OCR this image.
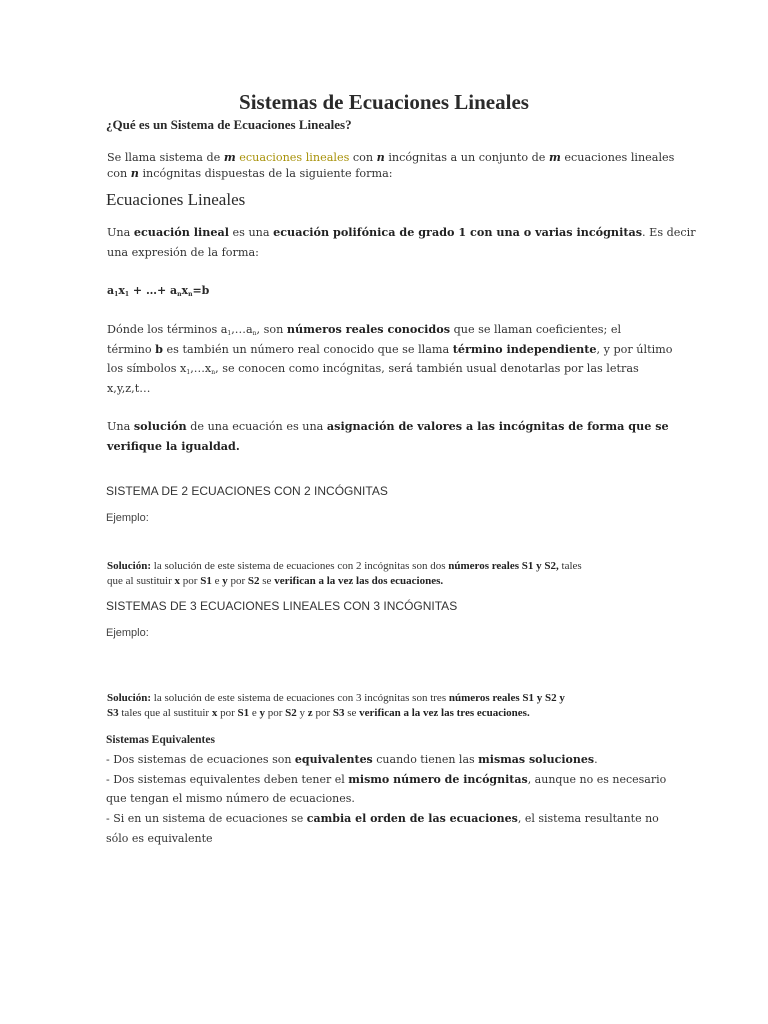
Sistemas de Ecuaciones Lineales
¿Qué es un Sistema de Ecuaciones Lineales?
Se llama sistema de m ecuaciones lineales con n incógnitas a un conjunto de m ecuaciones lineales
con n incógnitas dispuestas de la siguiente forma:
Ecuaciones Lineales
Una ecuación lineal es una ecuación polifónica de grado 1 con una o varias incógnitas. Es decir
una expresión de la forma:
$a_1x_1$ + …+ $a_nx_n=b$
Dónde los términos $a_1,\dots a_n$, son números reales conocidos que se llaman coeficientes; el
término b es también un número real conocido que se llama término independiente, y por último
los símbolos $x_1,\dots x_n$, se conocen como incógnitas, será también usual denotarlas por las letras
x,y,z,t…
Una solución de una ecuación es una asignación de valores a las incógnitas de forma que se
verifique la igualdad.
SISTEMA DE 2 ECUACIONES CON 2 INCÓGNITAS
Ejemplo:
Solución: la solución de este sistema de ecuaciones con 2 incógnitas son dos números reales S1 y S2, tales
que al sustituir x por S1 e y por S2 se verifican a la vez las dos ecuaciones.
SISTEMAS DE 3 ECUACIONES LINEALES CON 3 INCÓGNITAS
Ejemplo:
Solución: la solución de este sistema de ecuaciones con 3 incógnitas son tres números reales S1 y S2 y
S3 tales que al sustituir x por S1 e y por S2 y z por S3 se verifican a la vez las tres ecuaciones.
Sistemas Equivalentes
- Dos sistemas de ecuaciones son equivalentes cuando tienen las mismas soluciones.
- Dos sistemas equivalentes deben tener el mismo número de incógnitas, aunque no es necesario
que tengan el mismo número de ecuaciones.
- Si en un sistema de ecuaciones se cambia el orden de las ecuaciones, el sistema resultante no
sólo es equivalente
